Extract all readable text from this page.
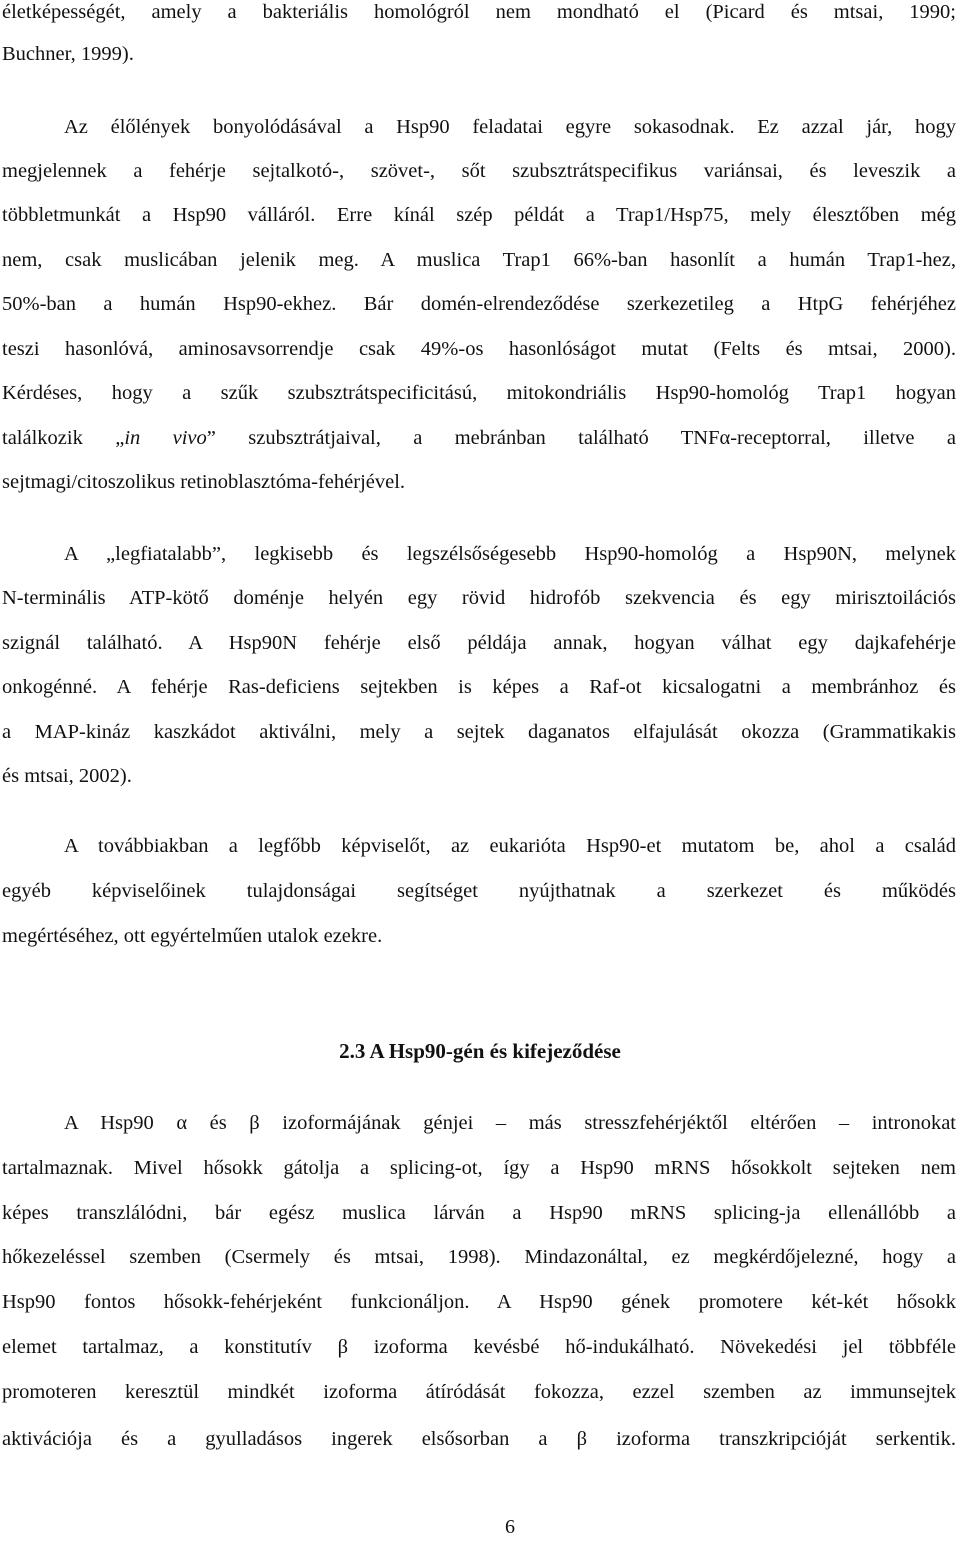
életképességét, amely a bakteriális homológról nem mondható el (Picard és mtsai, 1990;
Buchner, 1999).
Az élőlények bonyolódásával a Hsp90 feladatai egyre sokasodnak. Ez azzal jár, hogy
megjelennek a fehérje sejtalkotó-, szövet-, sőt szubsztrátspecifikus variánsai, és leveszik a
többletmunkát a Hsp90 válláról. Erre kínál szép példát a Trap1/Hsp75, mely élesztőben még
nem, csak muslicában jelenik meg. A muslica Trap1 66%-ban hasonlít a humán Trap1-hez,
50%-ban a humán Hsp90-ekhez. Bár domén-elrendeződése szerkezetileg a HtpG fehérjéhez
teszi hasonlóvá, aminosavsorrendje csak 49%-os hasonlóságot mutat (Felts és mtsai, 2000).
Kérdéses, hogy a szűk szubsztrátspecificitású, mitokondriális Hsp90-homológ Trap1 hogyan
találkozik „in vivo” szubsztrátjaival, a mebránban található TNFα-receptorral, illetve a
sejtmagi/citoszolikus retinoblasztóma-fehérjével.
A „legfiatalabb”, legkisebb és legszélsőségesebb Hsp90-homológ a Hsp90N, melynek
N-terminális ATP-kötő doménje helyén egy rövid hidrofób szekvencia és egy mirisztoilációs
szignál található. A Hsp90N fehérje első példája annak, hogyan válhat egy dajkafehérje
onkogénné. A fehérje Ras-deficiens sejtekben is képes a Raf-ot kicsalogatni a membránhoz és
a MAP-kináz kaszkádot aktiválni, mely a sejtek daganatos elfajulását okozza (Grammatikakis
és mtsai, 2002).
A továbbiakban a legfőbb képviselőt, az eukarióta Hsp90-et mutatom be, ahol a család
egyéb képviselőinek tulajdonságai segítséget nyújthatnak a szerkezet és működés
megértéséhez, ott egyértelműen utalok ezekre.
2.3 A Hsp90-gén és kifejeződése
A Hsp90 α és β izoformájának génjei – más stresszfehérjéktől eltérően – intronokat
tartalmaznak. Mivel hősokk gátolja a splicing-ot, így a Hsp90 mRNS hősokkolt sejteken nem
képes transzlálódni, bár egész muslica lárván a Hsp90 mRNS splicing-ja ellenállóbb a
hőkezeléssel szemben (Csermely és mtsai, 1998). Mindazonáltal, ez megkérdőjelezné, hogy a
Hsp90 fontos hősokk-fehérjeként funkcionáljon. A Hsp90 gének promotere két-két hősokk
elemet tartalmaz, a konstitutív β izoforma kevésbé hő-indukálható. Növekedési jel többféle
promoteren keresztül mindkét izoforma átíródását fokozza, ezzel szemben az immunsejtek
aktivációja és a gyulladásos ingerek elsősorban a β izoforma transzkripcióját serkentik.
6
